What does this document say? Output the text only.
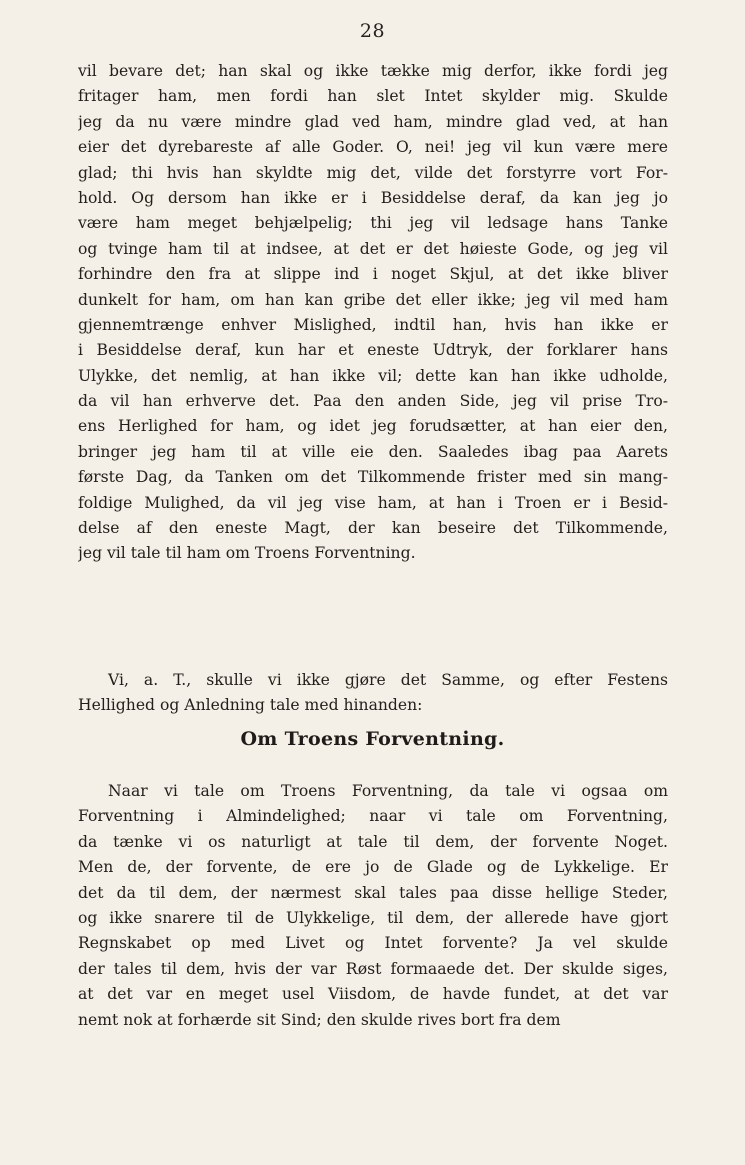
28
vil bevare det; han skal og ikke tække mig derfor, ikke fordi jeg
fritager ham, men fordi han slet Intet skylder mig. Skulde
jeg da nu være mindre glad ved ham, mindre glad ved, at han
eier det dyrebareste af alle Goder. O, nei! jeg vil kun være mere
glad; thi hvis han skyldte mig det, vilde det forstyrre vort For-
hold. Og dersom han ikke er i Besiddelse deraf, da kan jeg jo
være ham meget behjælpelig; thi jeg vil ledsage hans Tanke
og tvinge ham til at indsee, at det er det høieste Gode, og jeg vil
forhindre den fra at slippe ind i noget Skjul, at det ikke bliver
dunkelt for ham, om han kan gribe det eller ikke; jeg vil med ham
gjennemtrænge enhver Mislighed, indtil han, hvis han ikke er
i Besiddelse deraf, kun har et eneste Udtryk, der forklarer hans
Ulykke, det nemlig, at han ikke vil; dette kan han ikke udholde,
da vil han erhverve det. Paa den anden Side, jeg vil prise Tro-
ens Herlighed for ham, og idet jeg forudsætter, at han eier den,
bringer jeg ham til at ville eie den. Saaledes ibag paa Aarets
første Dag, da Tanken om det Tilkommende frister med sin mang-
foldige Mulighed, da vil jeg vise ham, at han i Troen er i Besid-
delse af den eneste Magt, der kan beseire det Tilkommende,
jeg vil tale til ham om Troens Forventning.
Vi, a. T., skulle vi ikke gjøre det Samme, og efter Festens
Hellighed og Anledning tale med hinanden:
Om Troens Forventning.
Naar vi tale om Troens Forventning, da tale vi ogsaa om
Forventning i Almindelighed; naar vi tale om Forventning,
da tænke vi os naturligt at tale til dem, der forvente Noget.
Men de, der forvente, de ere jo de Glade og de Lykkelige. Er
det da til dem, der nærmest skal tales paa disse hellige Steder,
og ikke snarere til de Ulykkelige, til dem, der allerede have gjort
Regnskabet op med Livet og Intet forvente? Ja vel skulde
der tales til dem, hvis der var Røst formaaede det. Der skulde siges,
at det var en meget usel Viisdom, de havde fundet, at det var
nemt nok at forhærde sit Sind; den skulde rives bort fra dem
